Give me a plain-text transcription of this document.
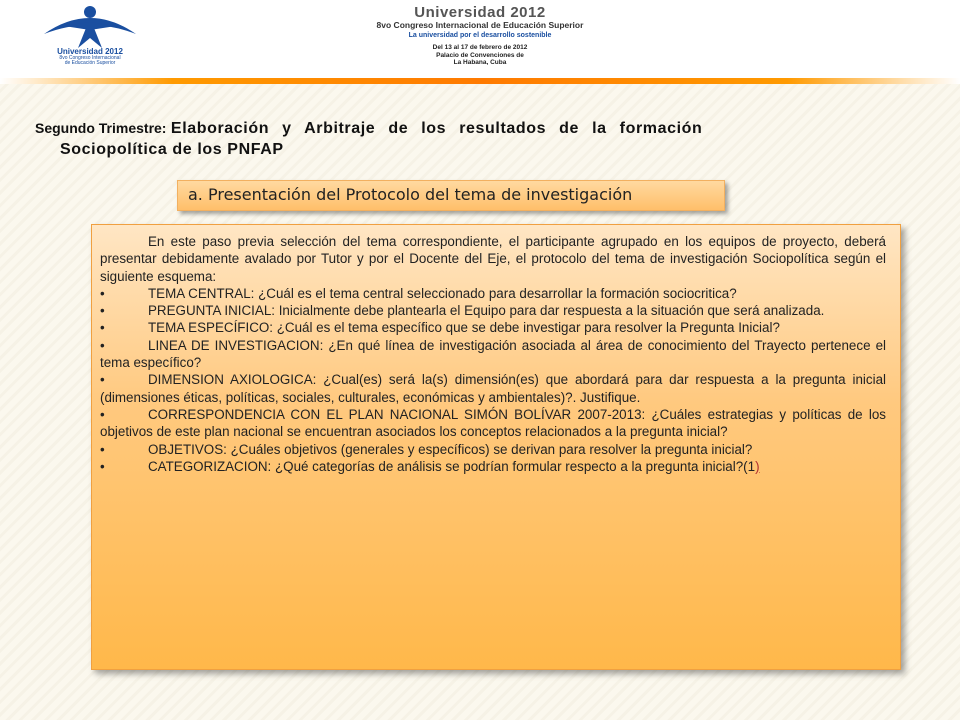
Universidad 2012
8vo Congreso Internacional
de Educación Superior
Universidad 2012
8vo Congreso Internacional de Educación Superior
La universidad por el desarrollo sostenible
Del 13 al 17 de febrero de 2012
Palacio de Convenciones de
La Habana, Cuba
Segundo Trimestre: Elaboración y Arbitraje de los resultados de la formación
Sociopolítica de los PNFAP
a. Presentación del Protocolo del tema de investigación

En este paso previa selección del tema correspondiente, el participante agrupado en los equipos de proyecto, deberá presentar debidamente avalado por Tutor y por el Docente del Eje, el protocolo del tema de investigación Sociopolítica según el siguiente esquema:

•	TEMA CENTRAL: ¿Cuál es el tema central seleccionado para desarrollar la formación sociocritica?

•	PREGUNTA INICIAL: Inicialmente debe plantearla el Equipo para dar respuesta a la situación que será analizada.

•	TEMA ESPECÍFICO: ¿Cuál es el tema específico que se debe investigar para resolver la Pregunta Inicial?

•	LINEA DE INVESTIGACION: ¿En qué línea de investigación asociada al área de conocimiento del Trayecto pertenece el tema específico?

•	DIMENSION AXIOLOGICA: ¿Cual(es) será la(s) dimensión(es) que abordará para dar respuesta a la pregunta inicial (dimensiones éticas, políticas, sociales, culturales, económicas y ambientales)?. Justifique.

•	CORRESPONDENCIA CON EL PLAN NACIONAL SIMÓN BOLÍVAR 2007-2013: ¿Cuáles estrategias y políticas de los objetivos de este plan nacional se encuentran asociados los conceptos relacionados a la pregunta inicial?

•	OBJETIVOS: ¿Cuáles objetivos (generales y específicos) se derivan para resolver la pregunta inicial?

•	CATEGORIZACION: ¿Qué categorías de análisis se podrían formular respecto a la pregunta inicial?(1)
